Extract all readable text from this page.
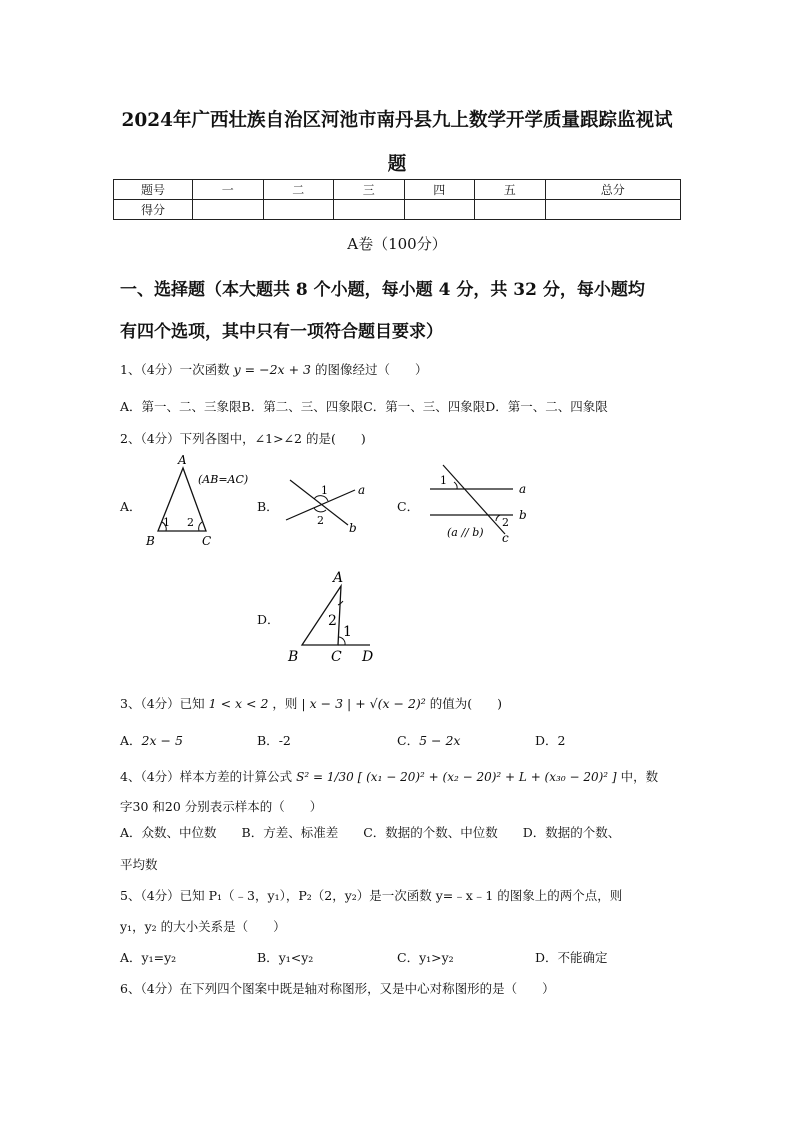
2024年广西壮族自治区河池市南丹县九上数学开学质量跟踪监视试
题
题号	一	二	三	四	五	总分
得分						
A卷（100分）
一、选择题（本大题共 8 个小题，每小题 4 分，共 32 分，每小题均
有四个选项，其中只有一项符合题目要求）
1、（4分）一次函数 y = −2x + 3 的图像经过（　　）
A．第一、二、三象限B．第二、三、四象限C．第一、三、四象限D．第一、二、四象限
2、（4分）下列各图中，∠1>∠2 的是(　　)
A．
A
B	C
1 2
(AB=AC)
B．
1
2
a
b
C．
1
2
a
b
c
(a // b)
D．
A
B C D
2
1
3、（4分）已知 1 < x < 2 ，则 | x − 3 | + √(x − 2)² 的值为(　　)
A．2x − 5	B．-2	C．5 − 2x	D．2
4、（4分）样本方差的计算公式 S² = 1/30 [ (x₁ − 20)² + (x₂ − 20)² + L + (x₃₀ − 20)² ] 中，数
字30 和20 分别表示样本的（　　）
A．众数、中位数　　B．方差、标准差　　C．数据的个数、中位数　　D．数据的个数、
平均数
5、（4分）已知 P₁（﹣3，y₁），P₂（2，y₂）是一次函数 y=﹣x﹣1 的图象上的两个点，则
y₁，y₂ 的大小关系是（　　）
A．y₁=y₂	B．y₁<y₂	C．y₁>y₂	D．不能确定
6、（4分）在下列四个图案中既是轴对称图形，又是中心对称图形的是（　　）
